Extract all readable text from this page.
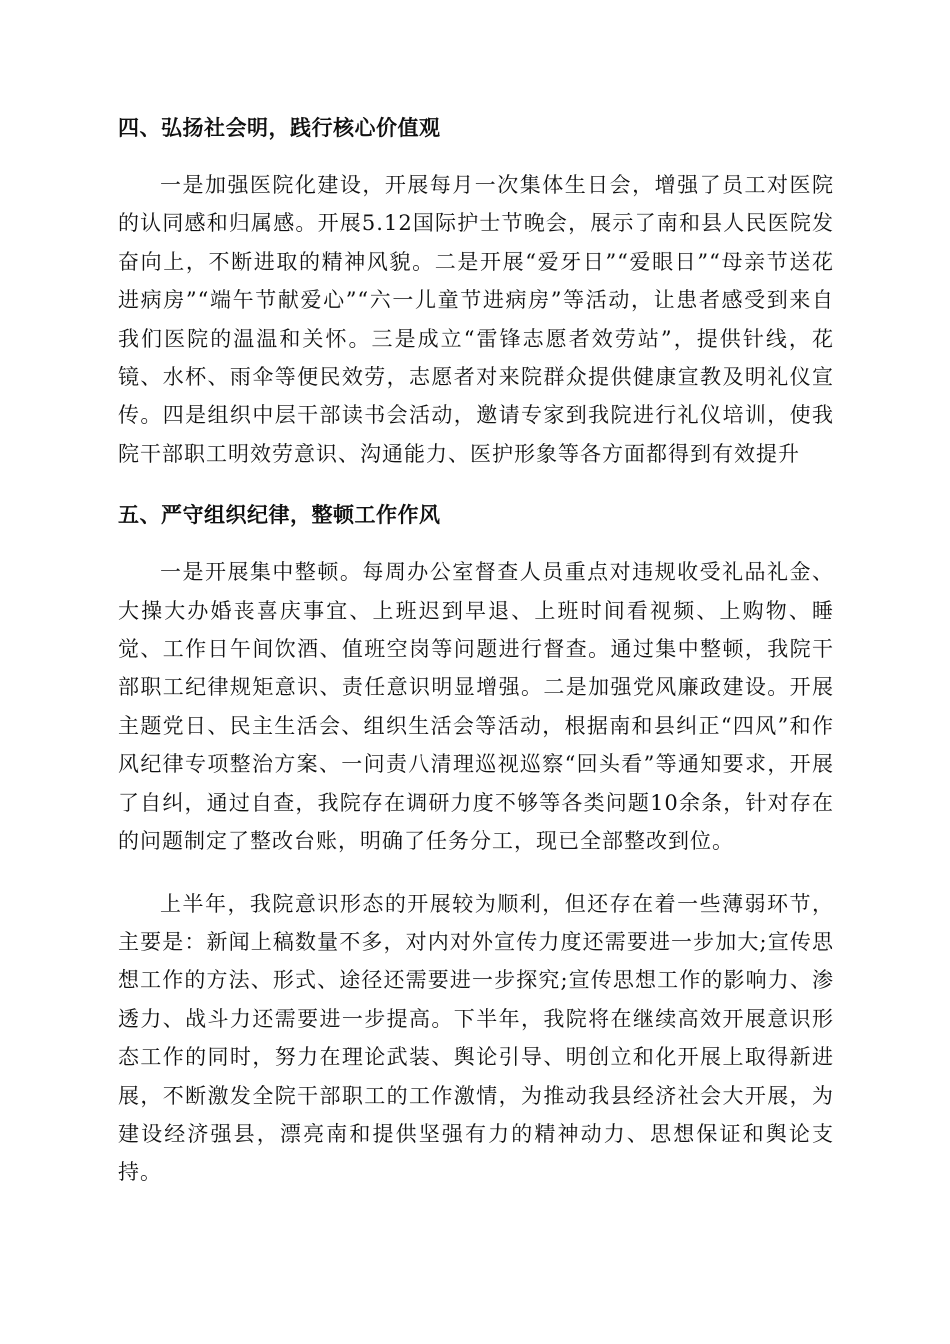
四、弘扬社会明，践行核心价值观

一是加强医院化建设，开展每月一次集体生日会，增强了员工对医院的认同感和归属感。开展5.12国际护士节晚会，展示了南和县人民医院发奋向上，不断进取的精神风貌。二是开展“爱牙日”“爱眼日”“母亲节送花进病房”“端午节献爱心”“六一儿童节进病房”等活动，让患者感受到来自我们医院的温温和关怀。三是成立“雷锋志愿者效劳站”，提供针线，花镜、水杯、雨伞等便民效劳，志愿者对来院群众提供健康宣教及明礼仪宣传。四是组织中层干部读书会活动，邀请专家到我院进行礼仪培训，使我院干部职工明效劳意识、沟通能力、医护形象等各方面都得到有效提升

五、严守组织纪律，整顿工作作风

一是开展集中整顿。每周办公室督查人员重点对违规收受礼品礼金、大操大办婚丧喜庆事宜、上班迟到早退、上班时间看视频、上购物、睡觉、工作日午间饮酒、值班空岗等问题进行督查。通过集中整顿，我院干部职工纪律规矩意识、责任意识明显增强。二是加强党风廉政建设。开展主题党日、民主生活会、组织生活会等活动，根据南和县纠正“四风”和作风纪律专项整治方案、一问责八清理巡视巡察“回头看”等通知要求，开展了自纠，通过自查，我院存在调研力度不够等各类问题10余条，针对存在的问题制定了整改台账，明确了任务分工，现已全部整改到位。

上半年，我院意识形态的开展较为顺利，但还存在着一些薄弱环节，主要是：新闻上稿数量不多，对内对外宣传力度还需要进一步加大;宣传思想工作的方法、形式、途径还需要进一步探究;宣传思想工作的影响力、渗透力、战斗力还需要进一步提高。下半年，我院将在继续高效开展意识形态工作的同时，努力在理论武装、舆论引导、明创立和化开展上取得新进展，不断激发全院干部职工的工作激情，为推动我县经济社会大开展，为建设经济强县，漂亮南和提供坚强有力的精神动力、思想保证和舆论支持。
